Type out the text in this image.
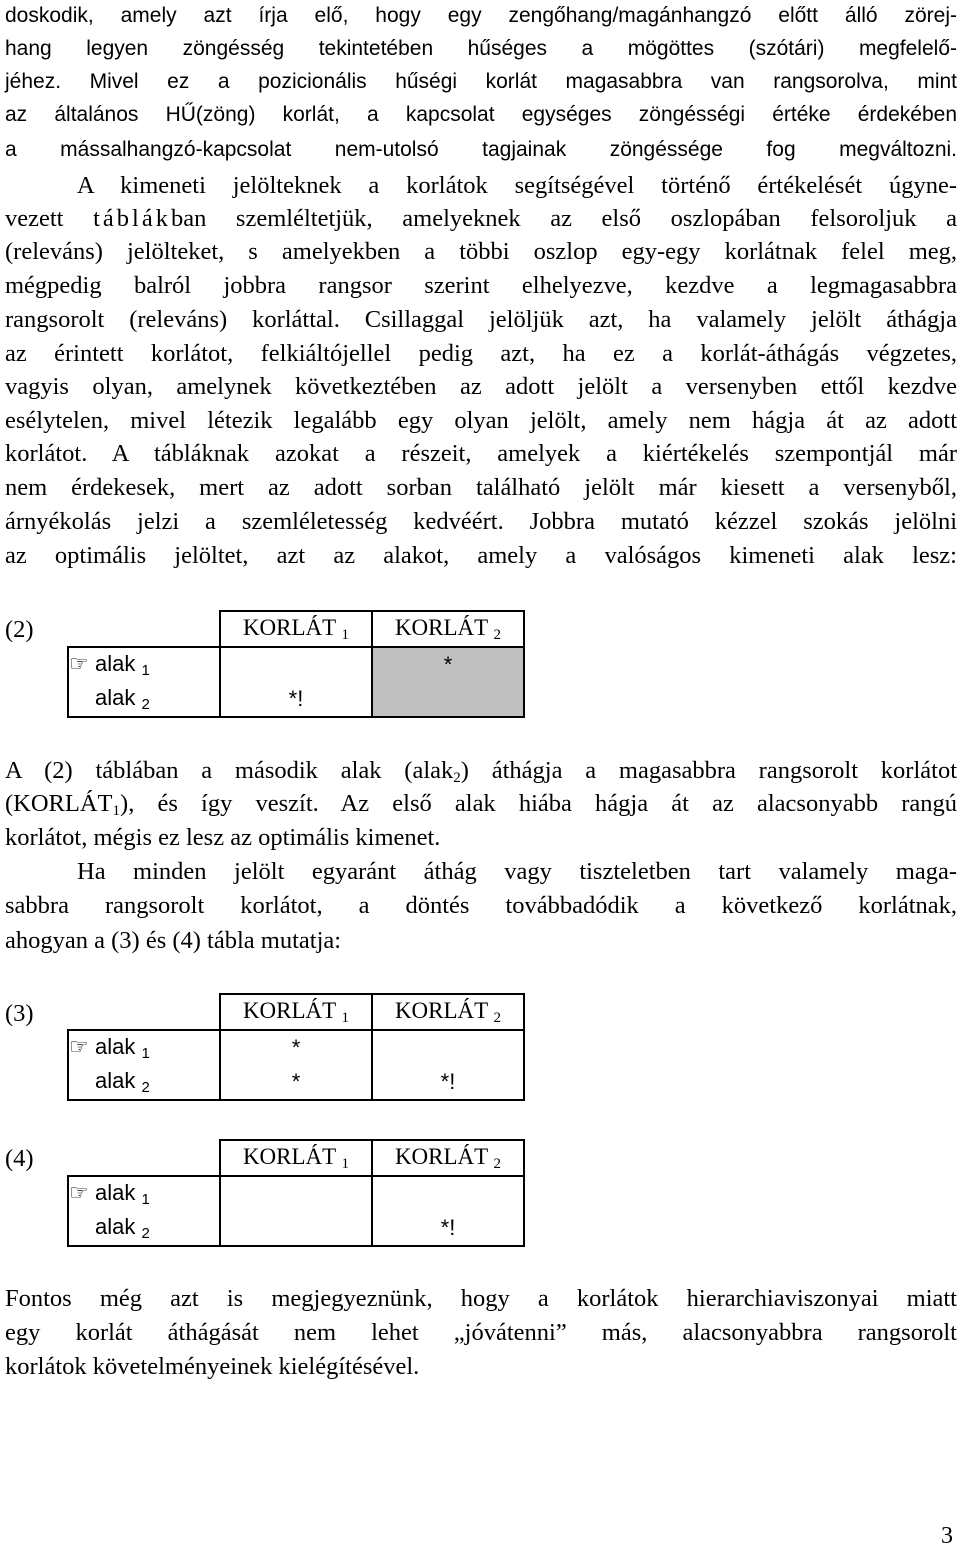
doskodik, amely azt írja elő, hogy egy zengőhang/magánhangzó előtt álló zörej-
hang legyen zöngésség tekintetében hűséges a mögöttes (szótári) megfelelő-
jéhez. Mivel ez a pozicionális hűségi korlát magasabbra van rangsorolva, mint
az általános HŰ(zöng) korlát, a kapcsolat egységes zöngésségi értéke érdekében
a mássalhangzó-kapcsolat nem-utolsó tagjainak zöngéssége fog megváltozni.
A kimeneti jelölteknek a korlátok segítségével történő értékelését úgyne-
vezett táblákban szemléltetjük, amelyeknek az első oszlopában felsoroljuk a
(releváns) jelölteket, s amelyekben a többi oszlop egy-egy korlátnak felel meg,
mégpedig balról jobbra rangsor szerint elhelyezve, kezdve a legmagasabbra
rangsorolt (releváns) korláttal. Csillaggal jelöljük azt, ha valamely jelölt áthágja
az érintett korlátot, felkiáltójellel pedig azt, ha ez a korlát-áthágás végzetes,
vagyis olyan, amelynek következtében az adott jelölt a versenyben ettől kezdve
esélytelen, mivel létezik legalább egy olyan jelölt, amely nem hágja át az adott
korlátot. A tábláknak azokat a részeit, amelyek a kiértékelés szempontjál már
nem érdekesek, mert az adott sorban található jelölt már kiesett a versenyből,
árnyékolás jelzi a szemléletesség kedvéért. Jobbra mutató kézzel szokás jelölni
az optimális jelöltet, azt az alakot, amely a valóságos kimeneti alak lesz:
(2)
		KORLÁT $_1$	KORLÁT $_2$
☞ alak $_1$		*
alak $_2$	*!	
A (2) táblában a második alak (alak$_2$) áthágja a magasabbra rangsorolt korlátot
$(KORLÁT_1)$, és így veszít. Az első alak hiába hágja át az alacsonyabb rangú
korlátot, mégis ez lesz az optimális kimenet.
Ha minden jelölt egyaránt áthág vagy tiszteletben tart valamely maga-
sabbra rangsorolt korlátot, a döntés továbbadódik a következő korlátnak,
ahogyan a (3) és (4) tábla mutatja:
(3)
		KORLÁT $_1$	KORLÁT $_2$
☞ alak $_1$	*	
alak $_2$	*	*!
(4)
		KORLÁT $_1$	KORLÁT $_2$
☞ alak $_1$		
alak $_2$		*!
Fontos még azt is megjegyeznünk, hogy a korlátok hierarchiaviszonyai miatt
egy korlát áthágását nem lehet „jóvátenni” más, alacsonyabbra rangsorolt
korlátok követelményeinek kielégítésével.
3
